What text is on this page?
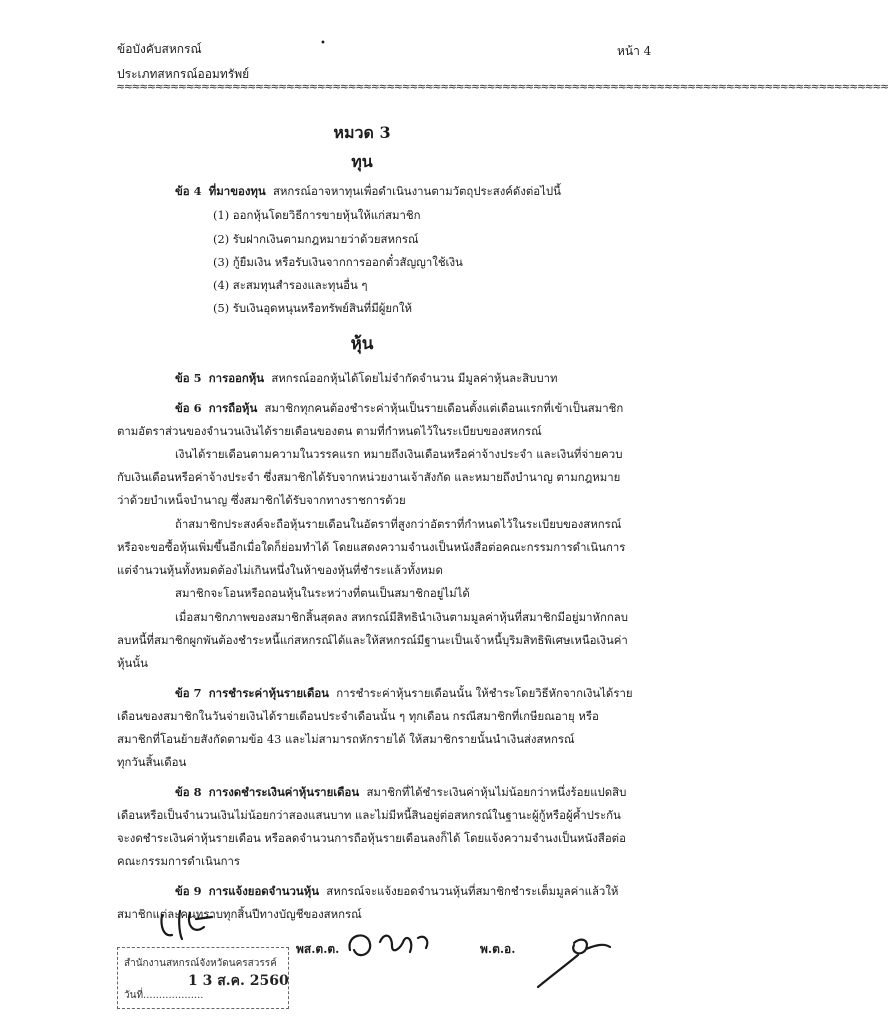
ข้อบังคับสหกรณ์
ประเภทสหกรณ์ออมทรัพย์
•
หน้า 4
≈≈≈≈≈≈≈≈≈≈≈≈≈≈≈≈≈≈≈≈≈≈≈≈≈≈≈≈≈≈≈≈≈≈≈≈≈≈≈≈≈≈≈≈≈≈≈≈≈≈≈≈≈≈≈≈≈≈≈≈≈≈≈≈≈≈≈≈≈≈≈≈≈≈≈≈≈≈≈≈≈≈≈≈≈≈≈≈≈≈≈≈≈≈≈≈≈≈≈≈
หมวด 3
ทุน
ข้อ 4 ที่มาของทุน สหกรณ์อาจหาทุนเพื่อดำเนินงานตามวัตถุประสงค์ดังต่อไปนี้
(1) ออกหุ้นโดยวิธีการขายหุ้นให้แก่สมาชิก
(2) รับฝากเงินตามกฎหมายว่าด้วยสหกรณ์
(3) กู้ยืมเงิน หรือรับเงินจากการออกตั๋วสัญญาใช้เงิน
(4) สะสมทุนสำรองและทุนอื่น ๆ
(5) รับเงินอุดหนุนหรือทรัพย์สินที่มีผู้ยกให้
หุ้น
ข้อ 5 การออกหุ้น สหกรณ์ออกหุ้นได้โดยไม่จำกัดจำนวน มีมูลค่าหุ้นละสิบบาท
ข้อ 6 การถือหุ้น สมาชิกทุกคนต้องชำระค่าหุ้นเป็นรายเดือนตั้งแต่เดือนแรกที่เข้าเป็นสมาชิก
ตามอัตราส่วนของจำนวนเงินได้รายเดือนของตน ตามที่กำหนดไว้ในระเบียบของสหกรณ์
เงินได้รายเดือนตามความในวรรคแรก หมายถึงเงินเดือนหรือค่าจ้างประจำ และเงินที่จ่ายควบ
กับเงินเดือนหรือค่าจ้างประจำ ซึ่งสมาชิกได้รับจากหน่วยงานเจ้าสังกัด และหมายถึงบำนาญ ตามกฎหมาย
ว่าด้วยบำเหน็จบำนาญ ซึ่งสมาชิกได้รับจากทางราชการด้วย
ถ้าสมาชิกประสงค์จะถือหุ้นรายเดือนในอัตราที่สูงกว่าอัตราที่กำหนดไว้ในระเบียบของสหกรณ์
หรือจะขอซื้อหุ้นเพิ่มขึ้นอีกเมื่อใดก็ย่อมทำได้ โดยแสดงความจำนงเป็นหนังสือต่อคณะกรรมการดำเนินการ
แต่จำนวนหุ้นทั้งหมดต้องไม่เกินหนึ่งในห้าของหุ้นที่ชำระแล้วทั้งหมด
สมาชิกจะโอนหรือถอนหุ้นในระหว่างที่ตนเป็นสมาชิกอยู่ไม่ได้
เมื่อสมาชิกภาพของสมาชิกสิ้นสุดลง สหกรณ์มีสิทธินำเงินตามมูลค่าหุ้นที่สมาชิกมีอยู่มาหักกลบ
ลบหนี้ที่สมาชิกผูกพันต้องชำระหนี้แก่สหกรณ์ได้และให้สหกรณ์มีฐานะเป็นเจ้าหนี้บุริมสิทธิพิเศษเหนือเงินค่า
หุ้นนั้น
ข้อ 7 การชำระค่าหุ้นรายเดือน การชำระค่าหุ้นรายเดือนนั้น ให้ชำระโดยวิธีหักจากเงินได้ราย
เดือนของสมาชิกในวันจ่ายเงินได้รายเดือนประจำเดือนนั้น ๆ ทุกเดือน กรณีสมาชิกที่เกษียณอายุ หรือ
สมาชิกที่โอนย้ายสังกัดตามข้อ 43 และไม่สามารถหักรายได้ ให้สมาชิกรายนั้นนำเงินส่งสหกรณ์
ทุกวันสิ้นเดือน
ข้อ 8 การงดชำระเงินค่าหุ้นรายเดือน สมาชิกที่ได้ชำระเงินค่าหุ้นไม่น้อยกว่าหนึ่งร้อยแปดสิบ
เดือนหรือเป็นจำนวนเงินไม่น้อยกว่าสองแสนบาท และไม่มีหนี้สินอยู่ต่อสหกรณ์ในฐานะผู้กู้หรือผู้ค้ำประกัน
จะงดชำระเงินค่าหุ้นรายเดือน หรือลดจำนวนการถือหุ้นรายเดือนลงก็ได้ โดยแจ้งความจำนงเป็นหนังสือต่อ
คณะกรรมการดำเนินการ
ข้อ 9 การแจ้งยอดจำนวนหุ้น สหกรณ์จะแจ้งยอดจำนวนหุ้นที่สมาชิกชำระเต็มมูลค่าแล้วให้
สมาชิกแต่ละคนทราบทุกสิ้นปีทางบัญชีของสหกรณ์
พส.ต.ต.	พ.ต.อ.
สำนักงานสหกรณ์จังหวัดนครสวรรค์
1 3 ส.ค. 2560
วันที่...................
